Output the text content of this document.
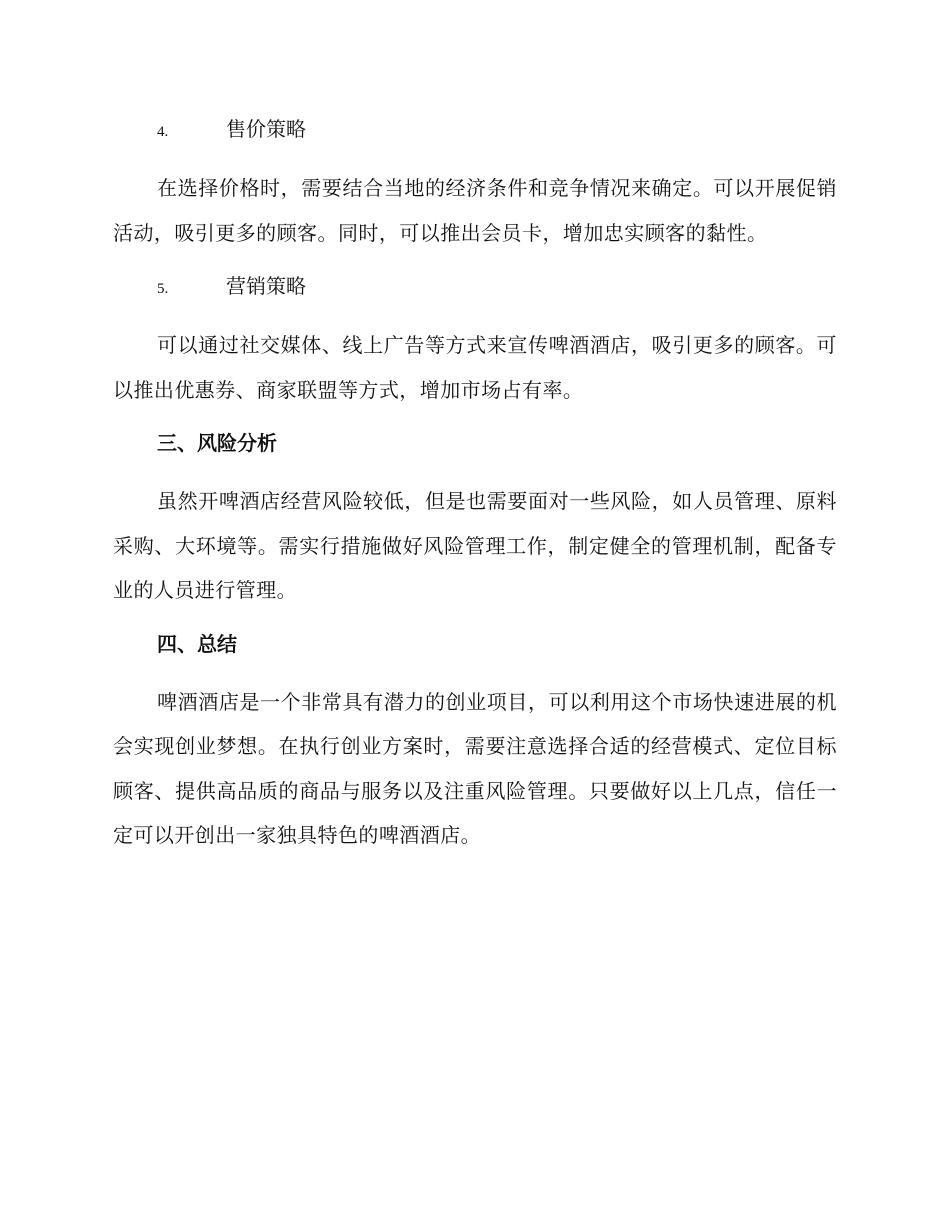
4.	售价策略

在选择价格时，需要结合当地的经济条件和竞争情况来确定。可以开展促销活动，吸引更多的顾客。同时，可以推出会员卡，增加忠实顾客的黏性。

5.	营销策略

可以通过社交媒体、线上广告等方式来宣传啤酒酒店，吸引更多的顾客。可以推出优惠券、商家联盟等方式，增加市场占有率。

三、风险分析

虽然开啤酒店经营风险较低，但是也需要面对一些风险，如人员管理、原料采购、大环境等。需实行措施做好风险管理工作，制定健全的管理机制，配备专业的人员进行管理。

四、总结

啤酒酒店是一个非常具有潜力的创业项目，可以利用这个市场快速进展的机会实现创业梦想。在执行创业方案时，需要注意选择合适的经营模式、定位目标顾客、提供高品质的商品与服务以及注重风险管理。只要做好以上几点，信任一定可以开创出一家独具特色的啤酒酒店。
